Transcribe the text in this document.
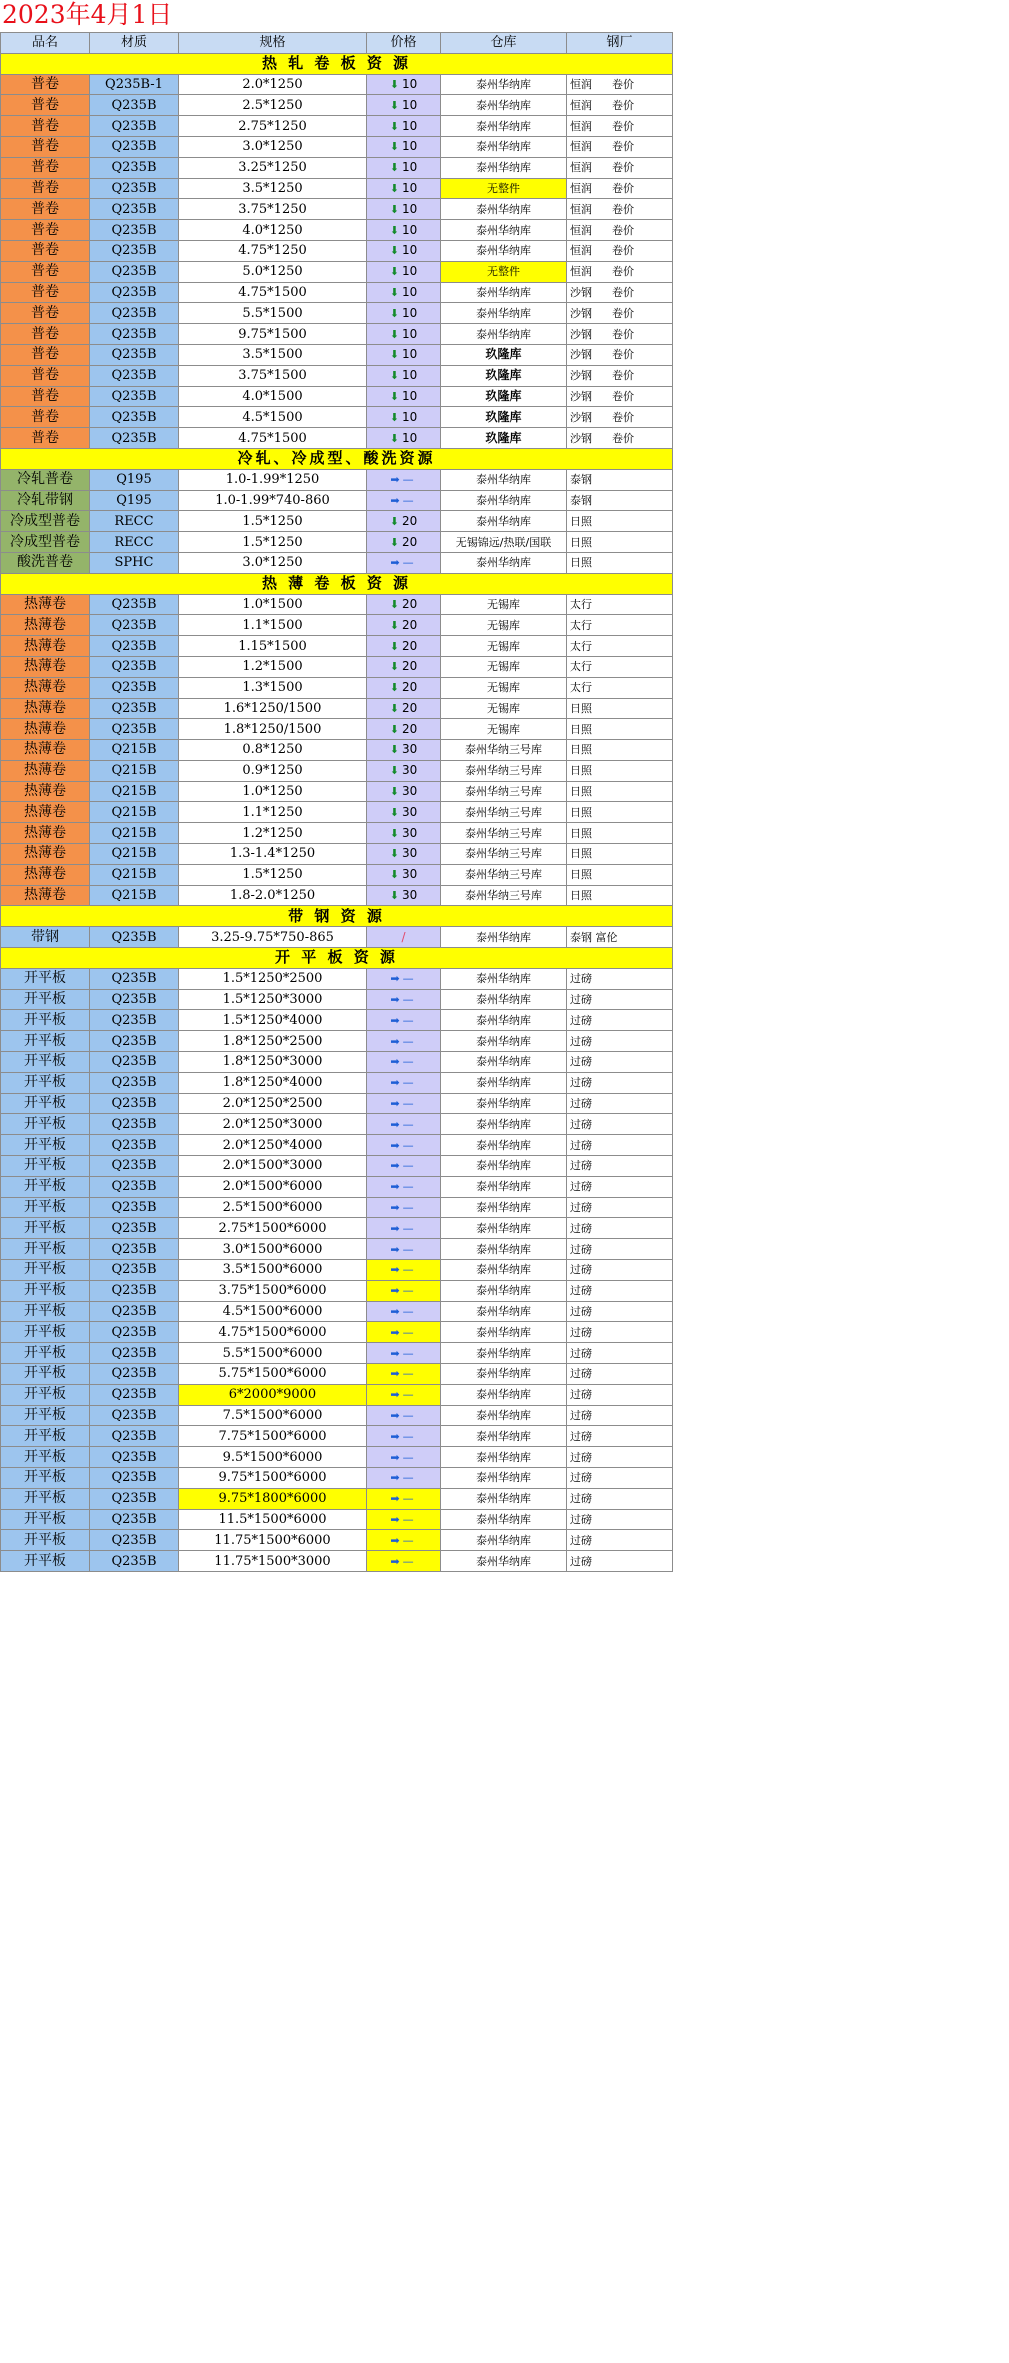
2023年4月1日
品名	材质	规格	价格	仓库	钢厂
热 轧 卷 板 资 源					
普卷	Q235B-1	2.0*1250	⬇ 10	泰州华纳库	恒润 卷价
普卷	Q235B	2.5*1250	⬇ 10	泰州华纳库	恒润 卷价
普卷	Q235B	2.75*1250	⬇ 10	泰州华纳库	恒润 卷价
普卷	Q235B	3.0*1250	⬇ 10	泰州华纳库	恒润 卷价
普卷	Q235B	3.25*1250	⬇ 10	泰州华纳库	恒润 卷价
普卷	Q235B	3.5*1250	⬇ 10	无整件	恒润 卷价
普卷	Q235B	3.75*1250	⬇ 10	泰州华纳库	恒润 卷价
普卷	Q235B	4.0*1250	⬇ 10	泰州华纳库	恒润 卷价
普卷	Q235B	4.75*1250	⬇ 10	泰州华纳库	恒润 卷价
普卷	Q235B	5.0*1250	⬇ 10	无整件	恒润 卷价
普卷	Q235B	4.75*1500	⬇ 10	泰州华纳库	沙钢 卷价
普卷	Q235B	5.5*1500	⬇ 10	泰州华纳库	沙钢 卷价
普卷	Q235B	9.75*1500	⬇ 10	泰州华纳库	沙钢 卷价
普卷	Q235B	3.5*1500	⬇ 10	玖隆库	沙钢 卷价
普卷	Q235B	3.75*1500	⬇ 10	玖隆库	沙钢 卷价
普卷	Q235B	4.0*1500	⬇ 10	玖隆库	沙钢 卷价
普卷	Q235B	4.5*1500	⬇ 10	玖隆库	沙钢 卷价
普卷	Q235B	4.75*1500	⬇ 10	玖隆库	沙钢 卷价
冷轧、冷成型、酸洗资源					
冷轧普卷	Q195	1.0-1.99*1250	➡ —	泰州华纳库	泰钢
冷轧带钢	Q195	1.0-1.99*740-860	➡ —	泰州华纳库	泰钢
冷成型普卷	RECC	1.5*1250	⬇ 20	泰州华纳库	日照
冷成型普卷	RECC	1.5*1250	⬇ 20	无锡锦远/热联/国联	日照
酸洗普卷	SPHC	3.0*1250	➡ —	泰州华纳库	日照
热 薄 卷 板 资 源					
热薄卷	Q235B	1.0*1500	⬇ 20	无锡库	太行
热薄卷	Q235B	1.1*1500	⬇ 20	无锡库	太行
热薄卷	Q235B	1.15*1500	⬇ 20	无锡库	太行
热薄卷	Q235B	1.2*1500	⬇ 20	无锡库	太行
热薄卷	Q235B	1.3*1500	⬇ 20	无锡库	太行
热薄卷	Q235B	1.6*1250/1500	⬇ 20	无锡库	日照
热薄卷	Q235B	1.8*1250/1500	⬇ 20	无锡库	日照
热薄卷	Q215B	0.8*1250	⬇ 30	泰州华纳三号库	日照
热薄卷	Q215B	0.9*1250	⬇ 30	泰州华纳三号库	日照
热薄卷	Q215B	1.0*1250	⬇ 30	泰州华纳三号库	日照
热薄卷	Q215B	1.1*1250	⬇ 30	泰州华纳三号库	日照
热薄卷	Q215B	1.2*1250	⬇ 30	泰州华纳三号库	日照
热薄卷	Q215B	1.3-1.4*1250	⬇ 30	泰州华纳三号库	日照
热薄卷	Q215B	1.5*1250	⬇ 30	泰州华纳三号库	日照
热薄卷	Q215B	1.8-2.0*1250	⬇ 30	泰州华纳三号库	日照
带 钢 资 源					
带钢	Q235B	3.25-9.75*750-865	/	泰州华纳库	泰钢 富伦
开 平 板 资 源					
开平板	Q235B	1.5*1250*2500	➡ —	泰州华纳库	过磅
开平板	Q235B	1.5*1250*3000	➡ —	泰州华纳库	过磅
开平板	Q235B	1.5*1250*4000	➡ —	泰州华纳库	过磅
开平板	Q235B	1.8*1250*2500	➡ —	泰州华纳库	过磅
开平板	Q235B	1.8*1250*3000	➡ —	泰州华纳库	过磅
开平板	Q235B	1.8*1250*4000	➡ —	泰州华纳库	过磅
开平板	Q235B	2.0*1250*2500	➡ —	泰州华纳库	过磅
开平板	Q235B	2.0*1250*3000	➡ —	泰州华纳库	过磅
开平板	Q235B	2.0*1250*4000	➡ —	泰州华纳库	过磅
开平板	Q235B	2.0*1500*3000	➡ —	泰州华纳库	过磅
开平板	Q235B	2.0*1500*6000	➡ —	泰州华纳库	过磅
开平板	Q235B	2.5*1500*6000	➡ —	泰州华纳库	过磅
开平板	Q235B	2.75*1500*6000	➡ —	泰州华纳库	过磅
开平板	Q235B	3.0*1500*6000	➡ —	泰州华纳库	过磅
开平板	Q235B	3.5*1500*6000	➡ —	泰州华纳库	过磅
开平板	Q235B	3.75*1500*6000	➡ —	泰州华纳库	过磅
开平板	Q235B	4.5*1500*6000	➡ —	泰州华纳库	过磅
开平板	Q235B	4.75*1500*6000	➡ —	泰州华纳库	过磅
开平板	Q235B	5.5*1500*6000	➡ —	泰州华纳库	过磅
开平板	Q235B	5.75*1500*6000	➡ —	泰州华纳库	过磅
开平板	Q235B	6*2000*9000	➡ —	泰州华纳库	过磅
开平板	Q235B	7.5*1500*6000	➡ —	泰州华纳库	过磅
开平板	Q235B	7.75*1500*6000	➡ —	泰州华纳库	过磅
开平板	Q235B	9.5*1500*6000	➡ —	泰州华纳库	过磅
开平板	Q235B	9.75*1500*6000	➡ —	泰州华纳库	过磅
开平板	Q235B	9.75*1800*6000	➡ —	泰州华纳库	过磅
开平板	Q235B	11.5*1500*6000	➡ —	泰州华纳库	过磅
开平板	Q235B	11.75*1500*6000	➡ —	泰州华纳库	过磅
开平板	Q235B	11.75*1500*3000	➡ —	泰州华纳库	过磅
